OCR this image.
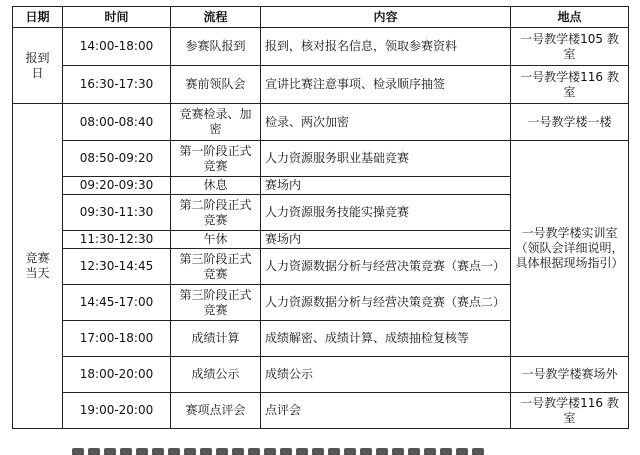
日期	时间	流程	内容	地点
报到日	14:00-18:00	参赛队报到	报到，核对报名信息，领取参赛资料	一号教学楼105 教室
	16:30-17:30	赛前领队会	宣讲比赛注意事项、检录顺序抽签	一号教学楼116 教室
竞赛当天	08:00-08:40	竞赛检录、加密	检录、两次加密	一号教学楼一楼
	08:50-09:20	第一阶段正式竞赛	人力资源服务职业基础竞赛	一号教学楼实训室（领队会详细说明，具体根据现场指引）
	09:20-09:30	休息	赛场内	
	09:30-11:30	第二阶段正式竞赛	人力资源服务技能实操竞赛	
	11:30-12:30	午休	赛场内	
	12:30-14:45	第三阶段正式竞赛	人力资源数据分析与经营决策竞赛（赛点一）	
	14:45-17:00	第三阶段正式竞赛	人力资源数据分析与经营决策竞赛（赛点二）	
	17:00-18:00	成绩计算	成绩解密、成绩计算、成绩抽检复核等	
	18:00-20:00	成绩公示	成绩公示	一号教学楼赛场外
	19:00-20:00	赛项点评会	点评会	一号教学楼116 教室
